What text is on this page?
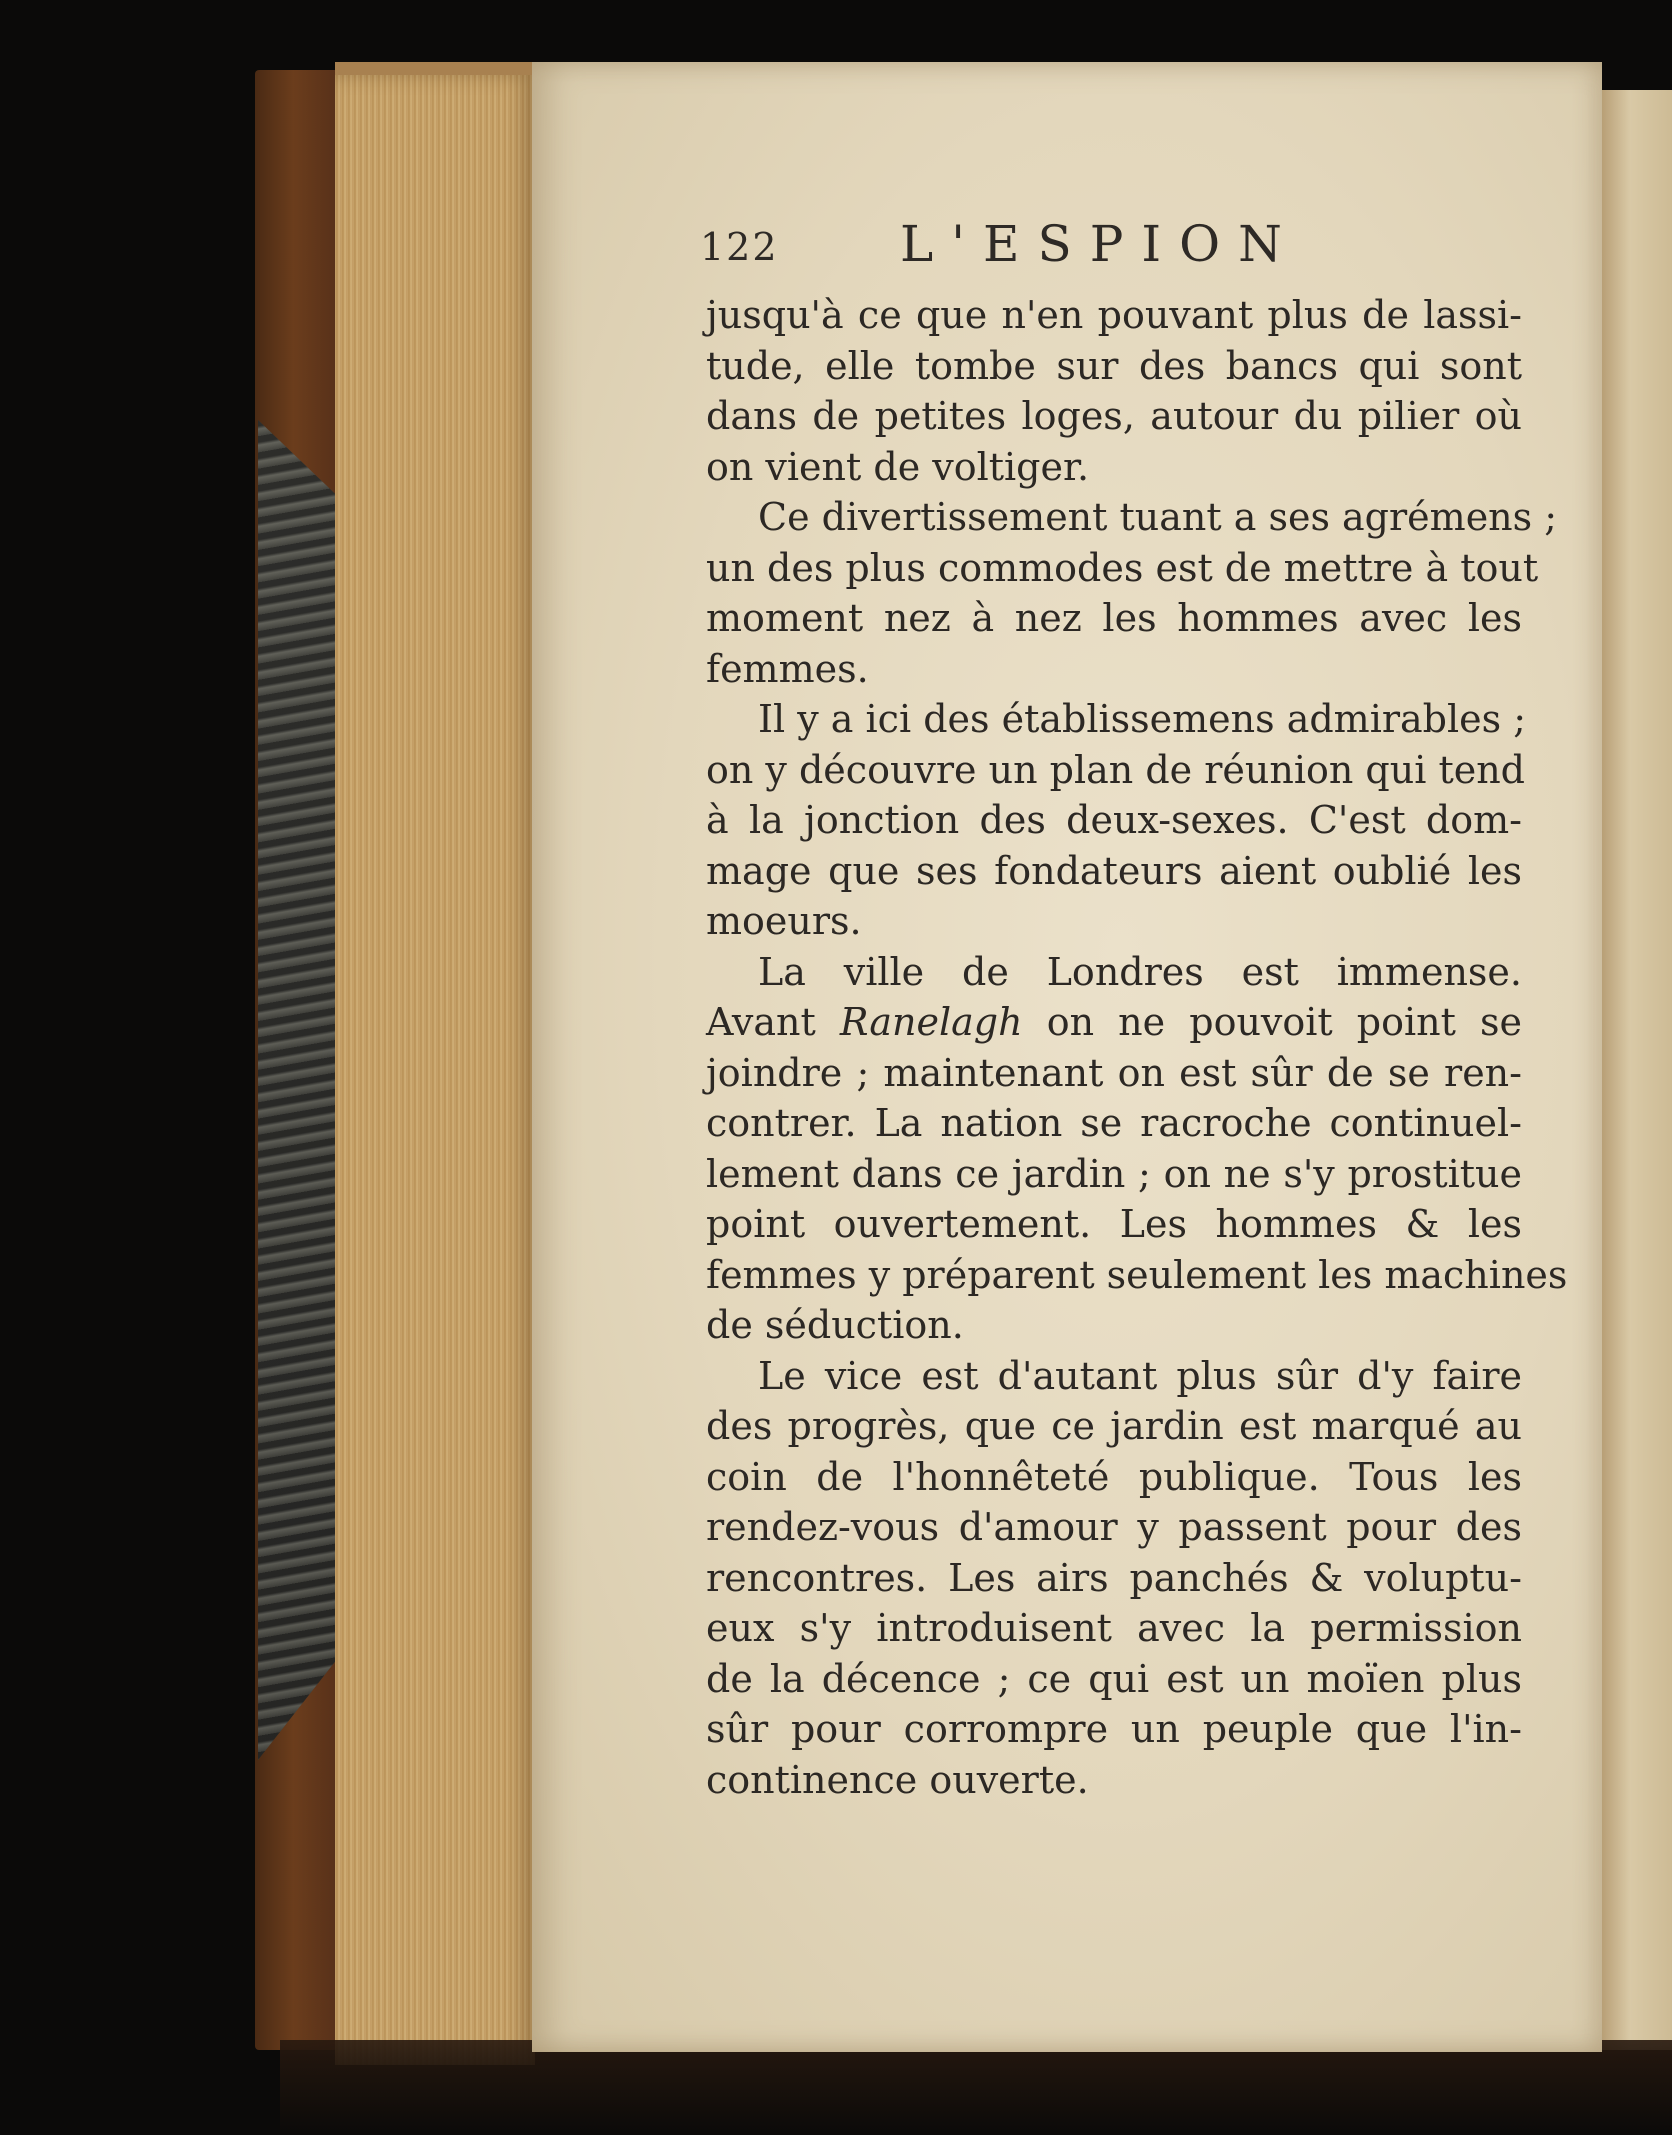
122 L'ESPION
jusqu'à ce que n'en pouvant plus de lassi-
tude, elle tombe sur des bancs qui sont
dans de petites loges, autour du pilier où
on vient de voltiger.
Ce divertissement tuant a ses agrémens ;
un des plus commodes est de mettre à tout
moment nez à nez les hommes avec les
femmes.
Il y a ici des établissemens admirables ;
on y découvre un plan de réunion qui tend
à la jonction des deux-sexes. C'est dom-
mage que ses fondateurs aient oublié les
moeurs.
La ville de Londres est immense.
Avant Ranelagh on ne pouvoit point se
joindre ; maintenant on est sûr de se ren-
contrer. La nation se racroche continuel-
lement dans ce jardin ; on ne s'y prostitue
point ouvertement. Les hommes & les
femmes y préparent seulement les machines
de séduction.
Le vice est d'autant plus sûr d'y faire
des progrès, que ce jardin est marqué au
coin de l'honnêteté publique. Tous les
rendez-vous d'amour y passent pour des
rencontres. Les airs panchés & voluptu-
eux s'y introduisent avec la permission
de la décence ; ce qui est un moïen plus
sûr pour corrompre un peuple que l'in-
continence ouverte.
